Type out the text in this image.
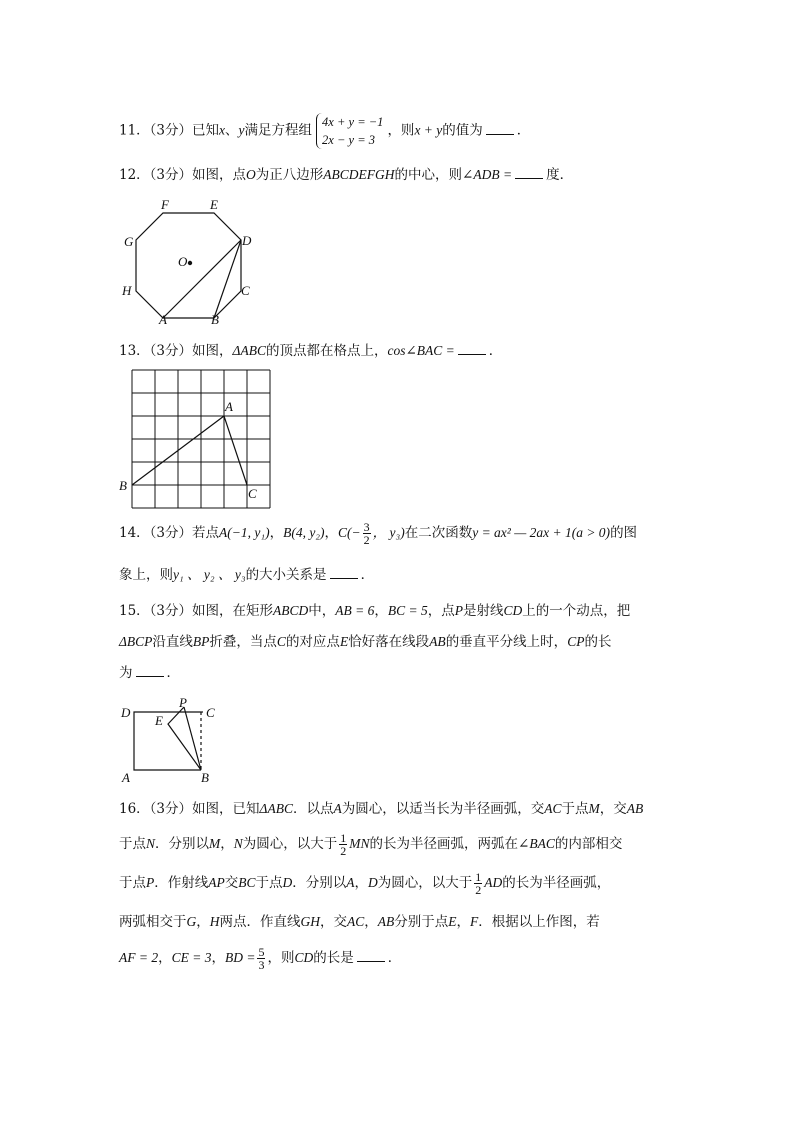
11．（3分）已知x、y满足方程组
4x + y = −1
2x − y = 3
，则x + y的值为	．
12．（3分）如图，点O为正八边形ABCDEFGH的中心，则∠ADB =	度．
O
A	B
C
D
E
F
G
H
13．（3分）如图，ΔABC的顶点都在格点上，cos∠BAC =	．
A
B
C
14．（3分）若点A(−1, y₁)，B(4, y₂)，$C(- \frac{3}{2}$ ， y₃)在二次函数y = ax² — 2ax + 1(a > 0)的图
象上，则y₁ 、 y₂ 、 y₃的大小关系是	．
15．（3分）如图，在矩形ABCD中，AB = 6，BC = 5，点P是射线CD上的一个动点，把
ΔBCP沿直线BP折叠，当点C的对应点E恰好落在线段AB的垂直平分线上时，CP的长
为	．
D	C
P
E
A	B
16．（3分）如图，已知ΔABC．以点A为圆心，以适当长为半径画弧，交AC于点M，交AB
于点N．分别以M，N为圆心，以大于 $\frac{1}{2}$ MN的长为半径画弧，两弧在∠BAC的内部相交
于点P．作射线AP交BC于点D．分别以A，D为圆心，以大于 $\frac{1}{2}$ AD的长为半径画弧，
两弧相交于G，H两点．作直线GH，交AC，AB分别于点E，F．根据以上作图，若
AF = 2，CE = 3，BD = $\frac{5}{3}$ ，则CD的长是	．
